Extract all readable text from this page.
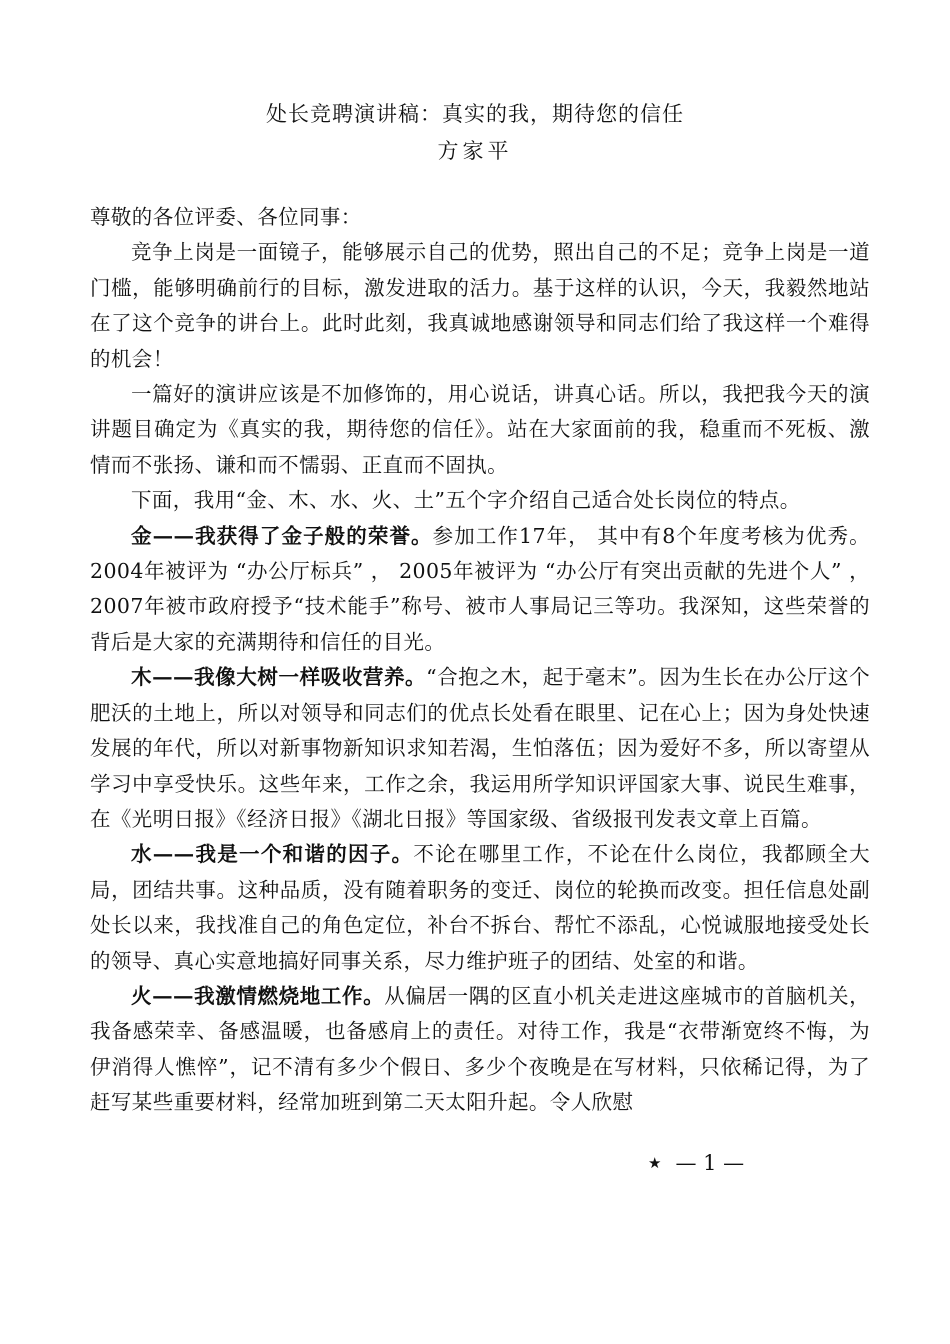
处长竞聘演讲稿：真实的我，期待您的信任
方家平

尊敬的各位评委、各位同事：

竞争上岗是一面镜子，能够展示自己的优势，照出自己的不足；竞争上岗是一道门槛，能够明确前行的目标，激发进取的活力。基于这样的认识，今天，我毅然地站在了这个竞争的讲台上。此时此刻，我真诚地感谢领导和同志们给了我这样一个难得的机会！

一篇好的演讲应该是不加修饰的，用心说话，讲真心话。所以，我把我今天的演讲题目确定为《真实的我，期待您的信任》。站在大家面前的我，稳重而不死板、激情而不张扬、谦和而不懦弱、正直而不固执。

下面，我用“金、木、水、火、土”五个字介绍自己适合处长岗位的特点。

金——我获得了金子般的荣誉。参加工作17年， 其中有8个年度考核为优秀。2004年被评为 “办公厅标兵” ， 2005年被评为 “办公厅有突出贡献的先进个人” ，2007年被市政府授予“技术能手”称号、被市人事局记三等功。我深知，这些荣誉的背后是大家的充满期待和信任的目光。

木——我像大树一样吸收营养。“合抱之木，起于毫末”。因为生长在办公厅这个肥沃的土地上，所以对领导和同志们的优点长处看在眼里、记在心上；因为身处快速发展的年代，所以对新事物新知识求知若渴，生怕落伍；因为爱好不多，所以寄望从学习中享受快乐。这些年来，工作之余，我运用所学知识评国家大事、说民生难事，在《光明日报》《经济日报》《湖北日报》等国家级、省级报刊发表文章上百篇。

水——我是一个和谐的因子。不论在哪里工作，不论在什么岗位，我都顾全大局，团结共事。这种品质，没有随着职务的变迁、岗位的轮换而改变。担任信息处副处长以来，我找准自己的角色定位，补台不拆台、帮忙不添乱，心悦诚服地接受处长的领导、真心实意地搞好同事关系，尽力维护班子的团结、处室的和谐。

火——我激情燃烧地工作。从偏居一隅的区直小机关走进这座城市的首脑机关，我备感荣幸、备感温暖，也备感肩上的责任。对待工作，我是“衣带渐宽终不悔，为伊消得人憔悴”，记不清有多少个假日、多少个夜晚是在写材料，只依稀记得，为了赶写某些重要材料，经常加班到第二天太阳升起。令人欣慰

★ — 1 —
